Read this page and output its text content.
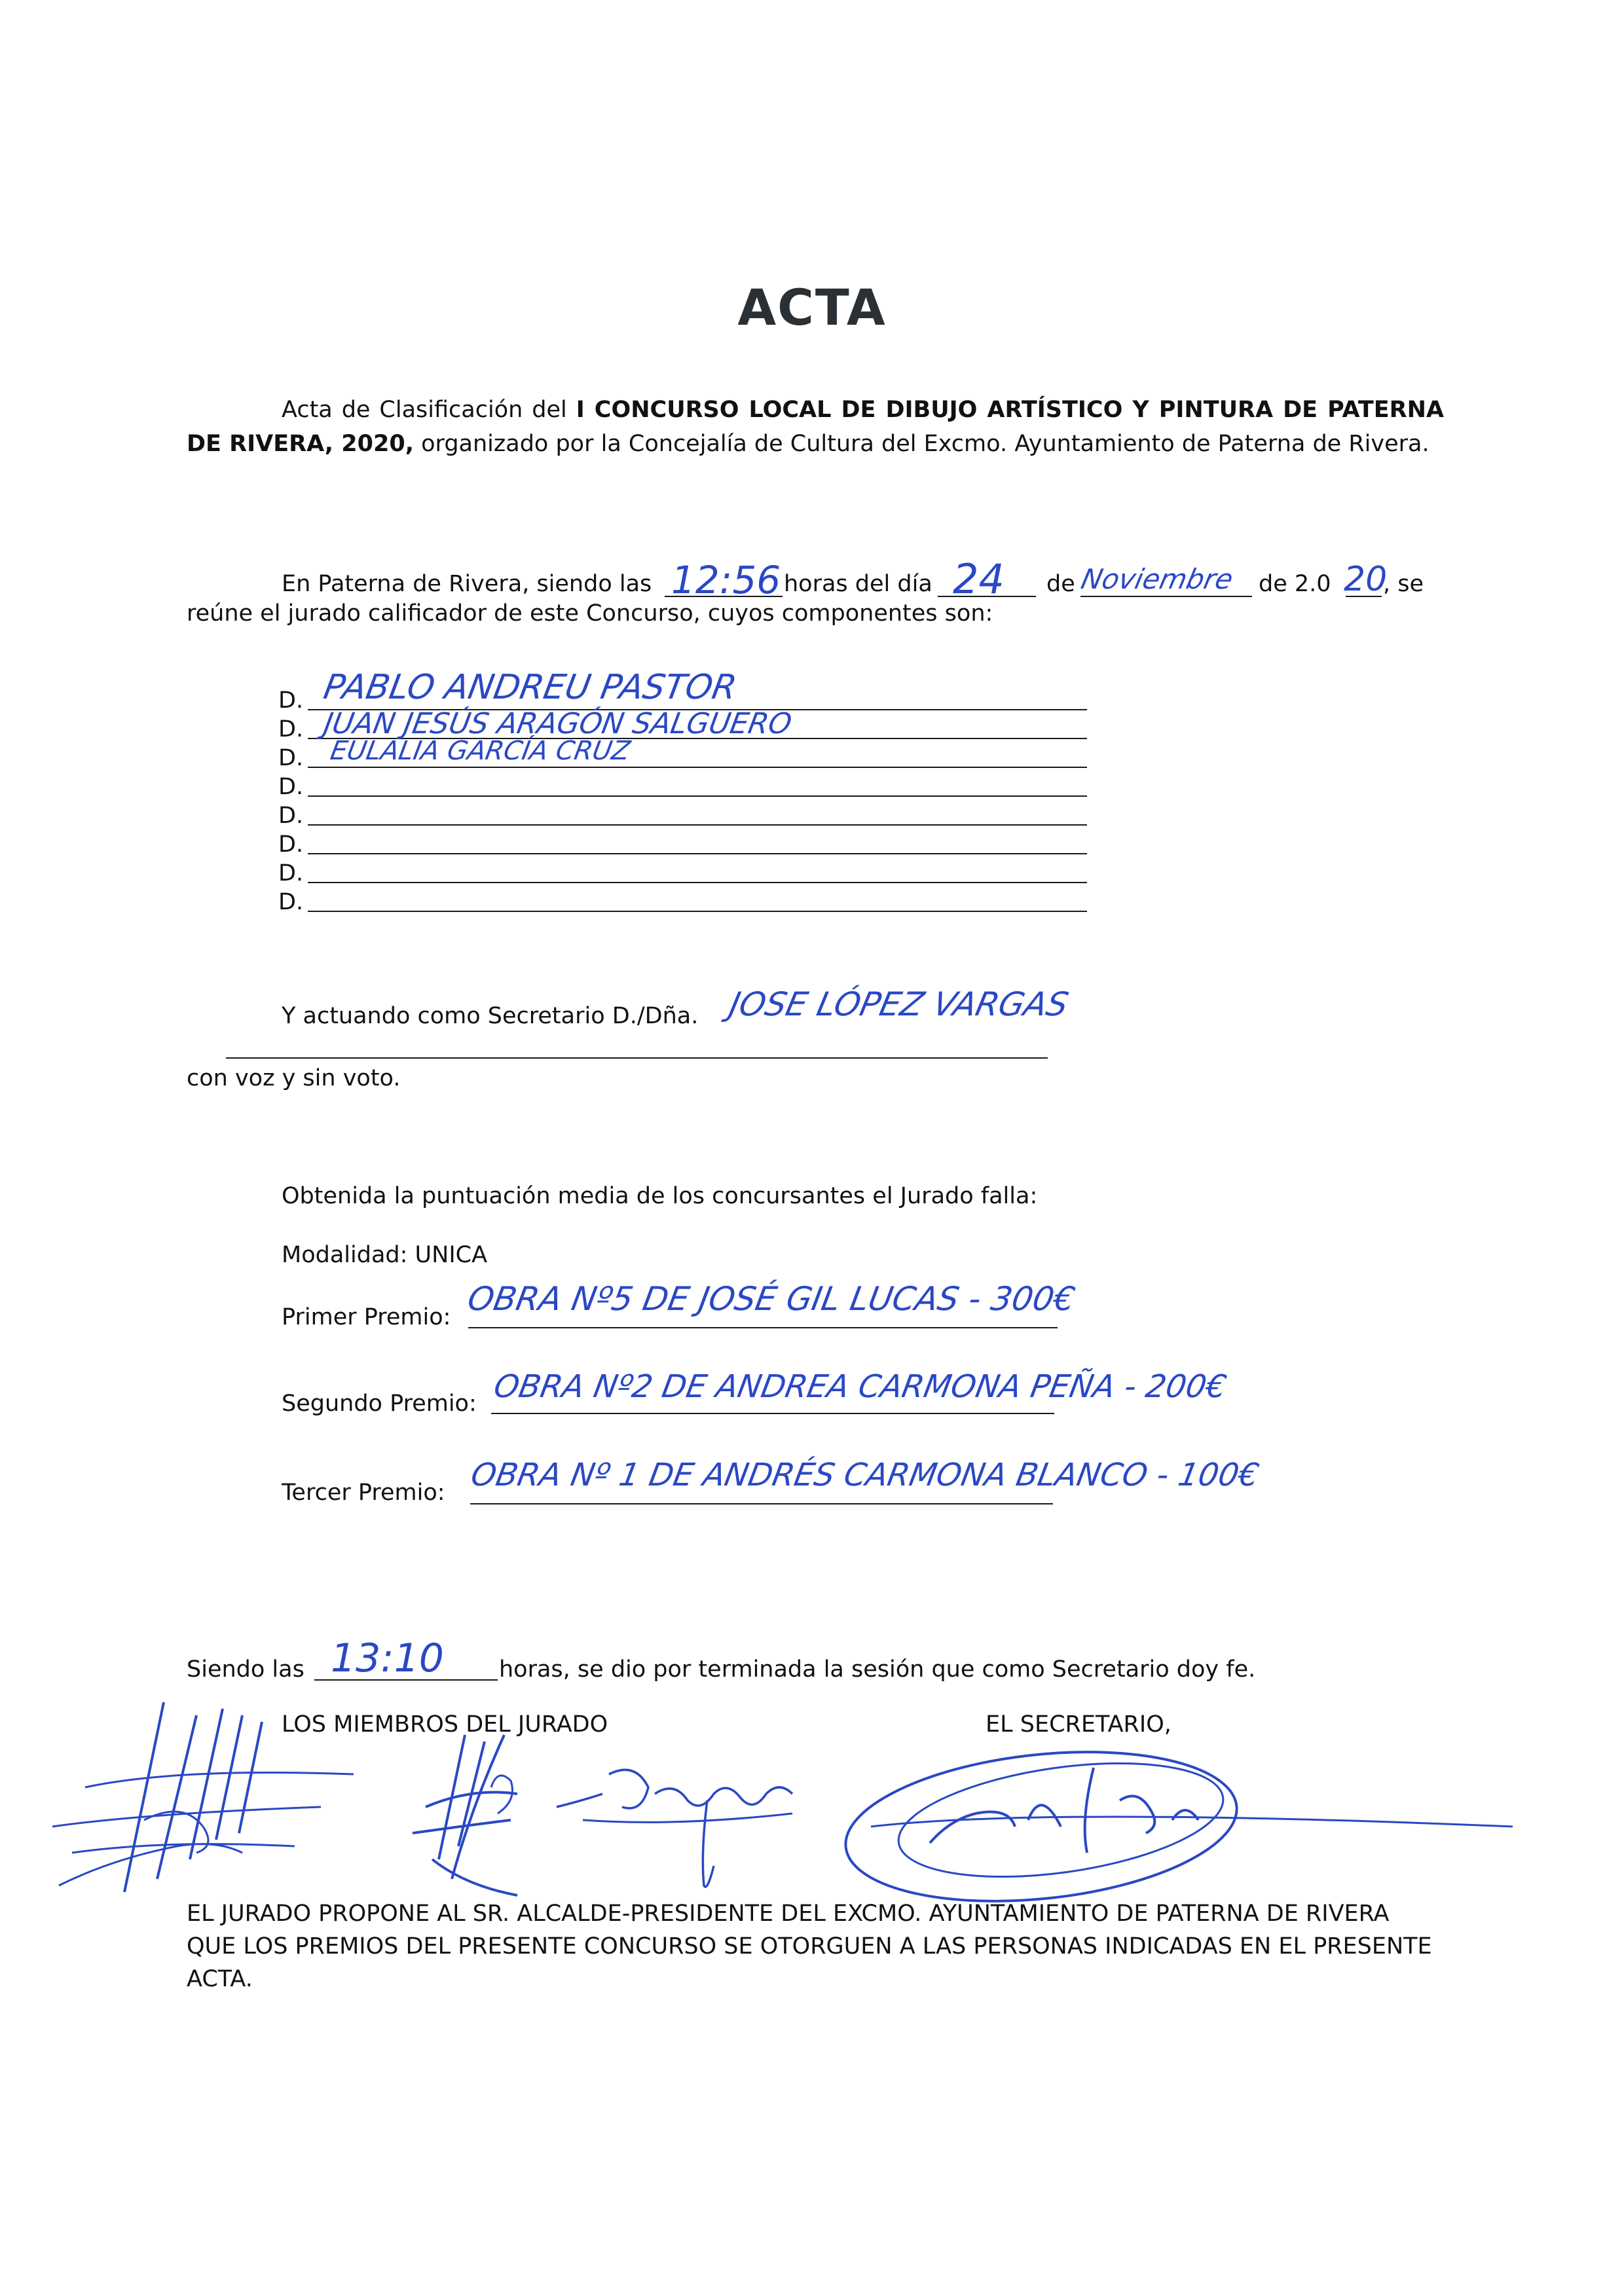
ACTA
Acta de Clasificación del I CONCURSO LOCAL DE DIBUJO ARTÍSTICO Y PINTURA DE PATERNA DE RIVERA, 2020, organizado por la Concejalía de Cultura del Excmo. Ayuntamiento de Paterna de Rivera.
En Paterna de Rivera, siendo las 12:56 horas del día 24 de Noviembre de 2.0 20
, se
reúne el jurado calificador de este Concurso, cuyos componentes son:
D. PABLO ANDREU PASTOR
D. JUAN JESÚS ARAGÓN SALGUERO
D. EULALIA GARCÍA CRUZ
D.
D.
D.
D.
D.
Y actuando como Secretario D./Dña. JOSE LÓPEZ VARGAS
con voz y sin voto.
Obtenida la puntuación media de los concursantes el Jurado falla:
Modalidad: UNICA
Primer Premio: OBRA Nº5 DE JOSÉ GIL LUCAS - 300€
Segundo Premio: OBRA Nº2 DE ANDREA CARMONA PEÑA - 200€
Tercer Premio: OBRA Nº 1 DE ANDRÉS CARMONA BLANCO - 100€
Siendo las 13:10 horas, se dio por terminada la sesión que como Secretario doy fe.
LOS MIEMBROS DEL JURADO	EL SECRETARIO,
EL JURADO PROPONE AL SR. ALCALDE-PRESIDENTE DEL EXCMO. AYUNTAMIENTO DE PATERNA DE RIVERA QUE LOS PREMIOS DEL PRESENTE CONCURSO SE OTORGUEN A LAS PERSONAS INDICADAS EN EL PRESENTE ACTA.
